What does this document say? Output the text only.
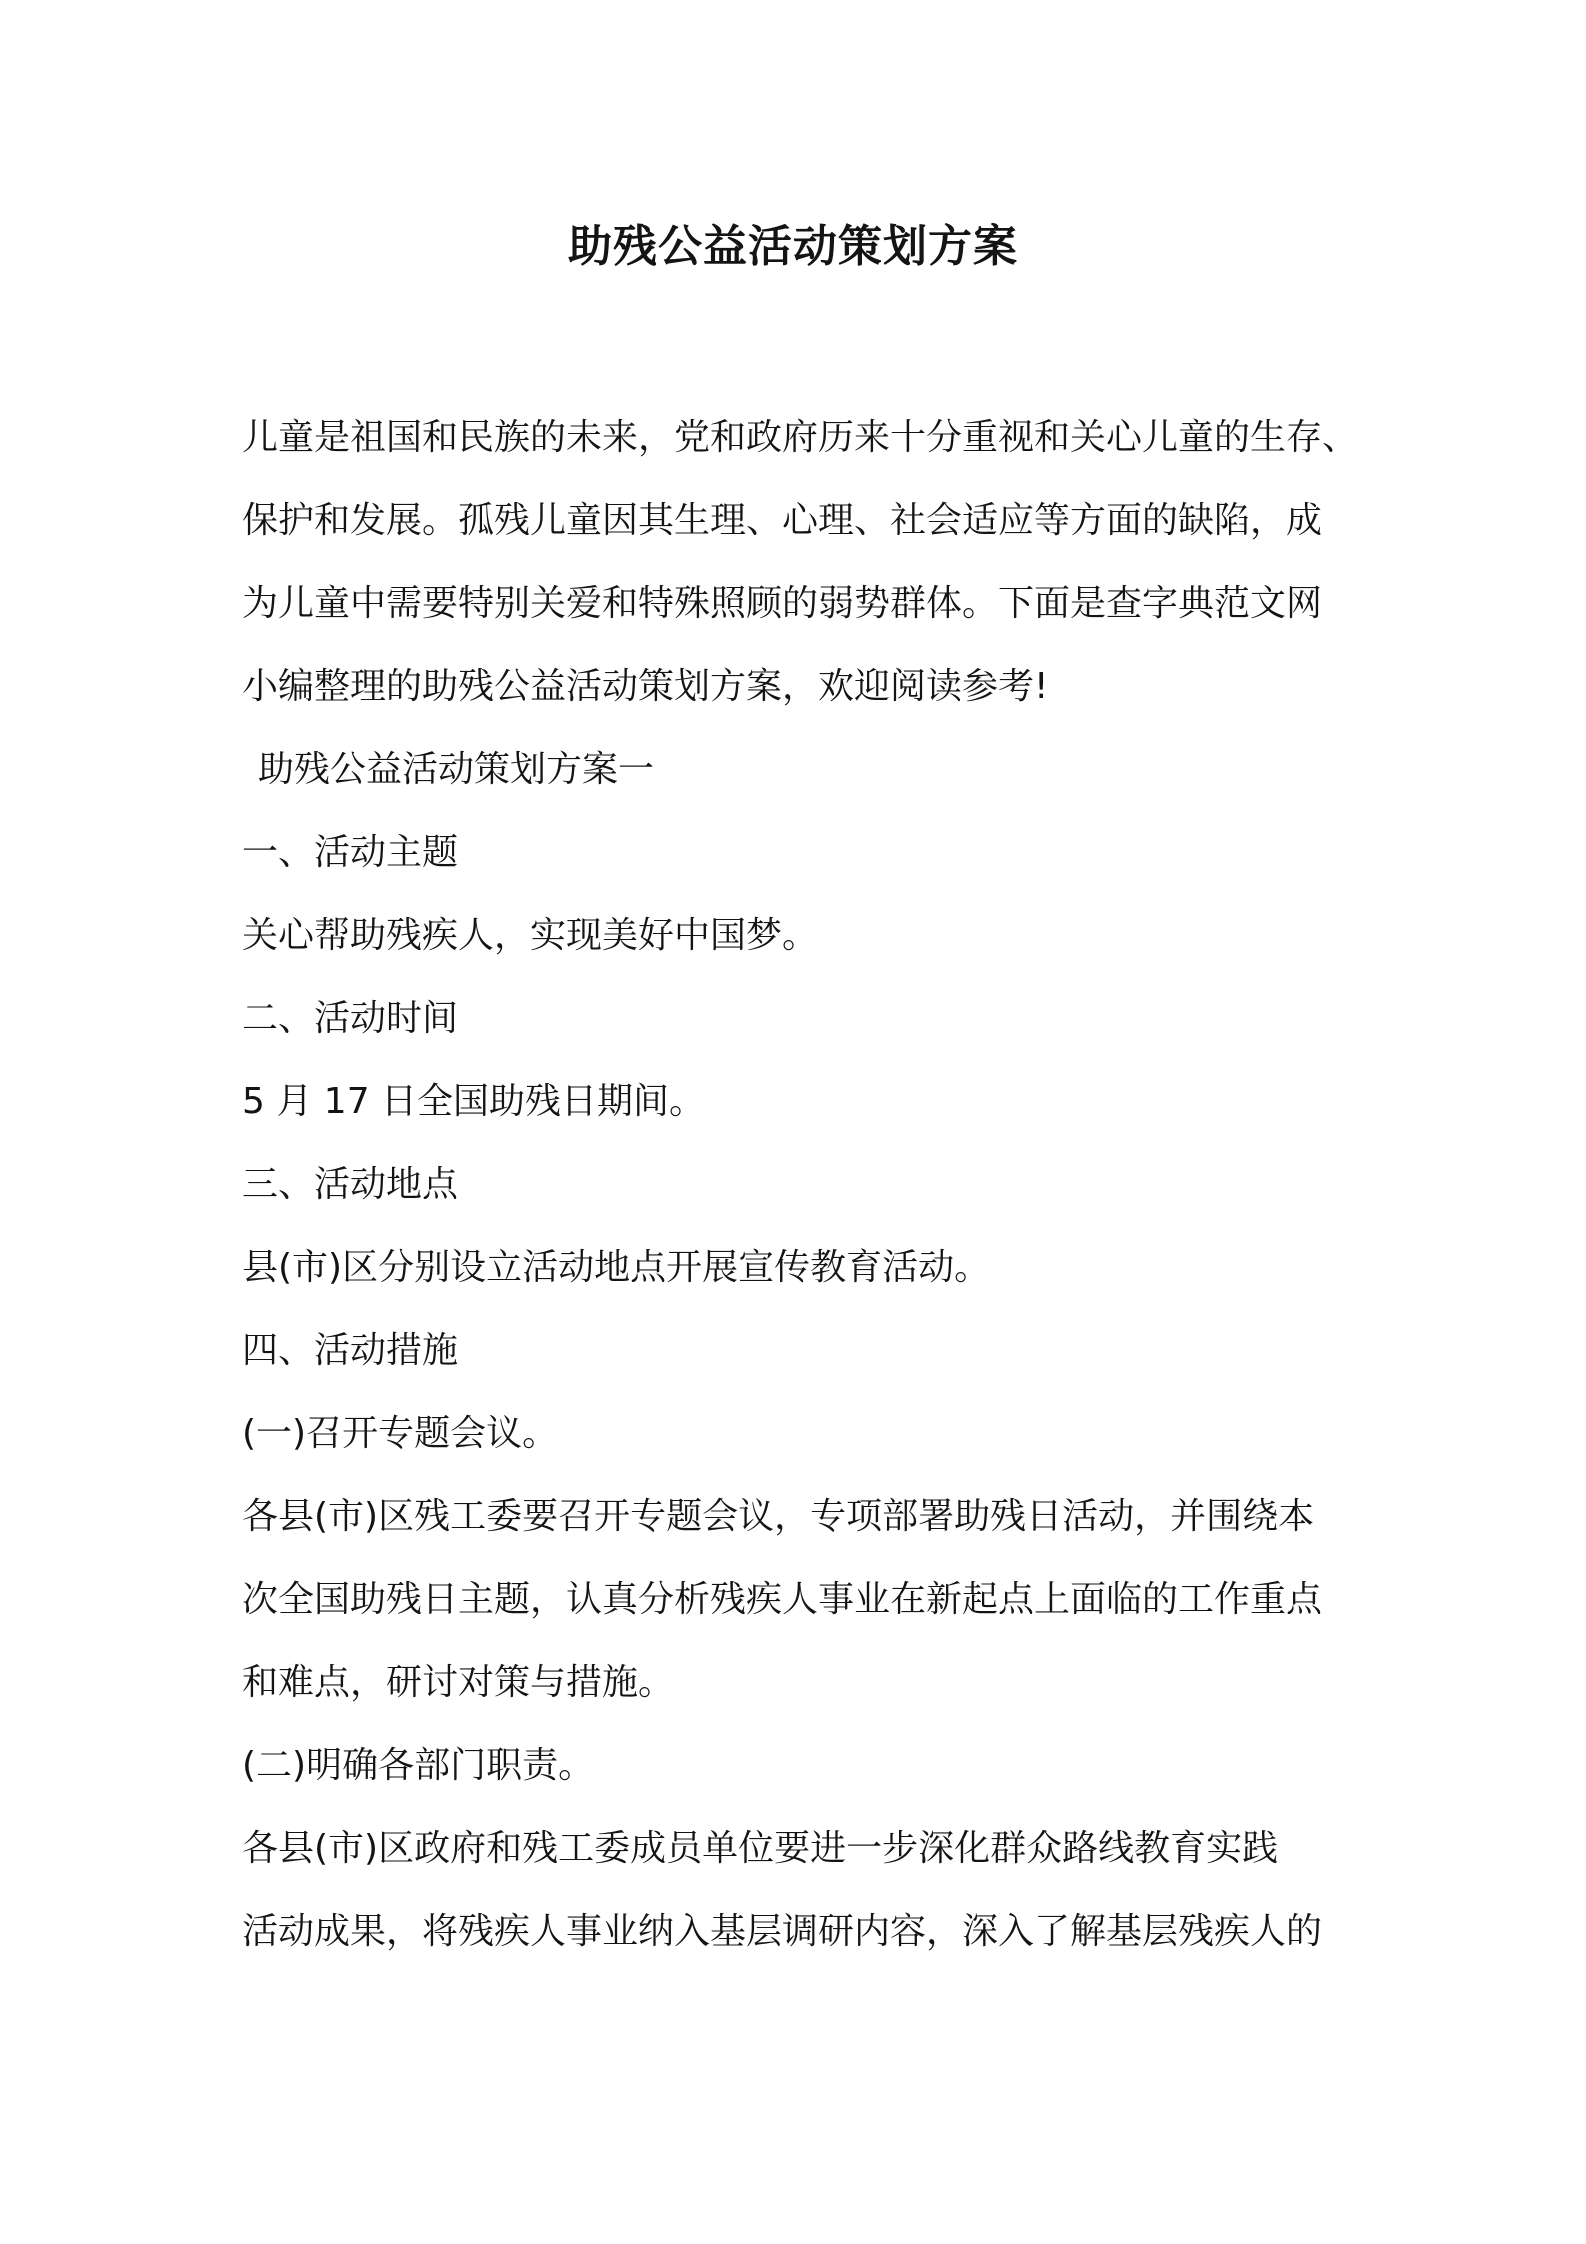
助残公益活动策划方案

儿童是祖国和民族的未来，党和政府历来十分重视和关心儿童的生存、

保护和发展。孤残儿童因其生理、心理、社会适应等方面的缺陷，成

为儿童中需要特别关爱和特殊照顾的弱势群体。下面是查字典范文网

小编整理的助残公益活动策划方案，欢迎阅读参考!

助残公益活动策划方案一

一、活动主题

关心帮助残疾人，实现美好中国梦。

二、活动时间

5 月 17 日全国助残日期间。

三、活动地点

县(市)区分别设立活动地点开展宣传教育活动。

四、活动措施

(一)召开专题会议。

各县(市)区残工委要召开专题会议，专项部署助残日活动，并围绕本

次全国助残日主题，认真分析残疾人事业在新起点上面临的工作重点

和难点，研讨对策与措施。

(二)明确各部门职责。

各县(市)区政府和残工委成员单位要进一步深化群众路线教育实践

活动成果，将残疾人事业纳入基层调研内容，深入了解基层残疾人的
